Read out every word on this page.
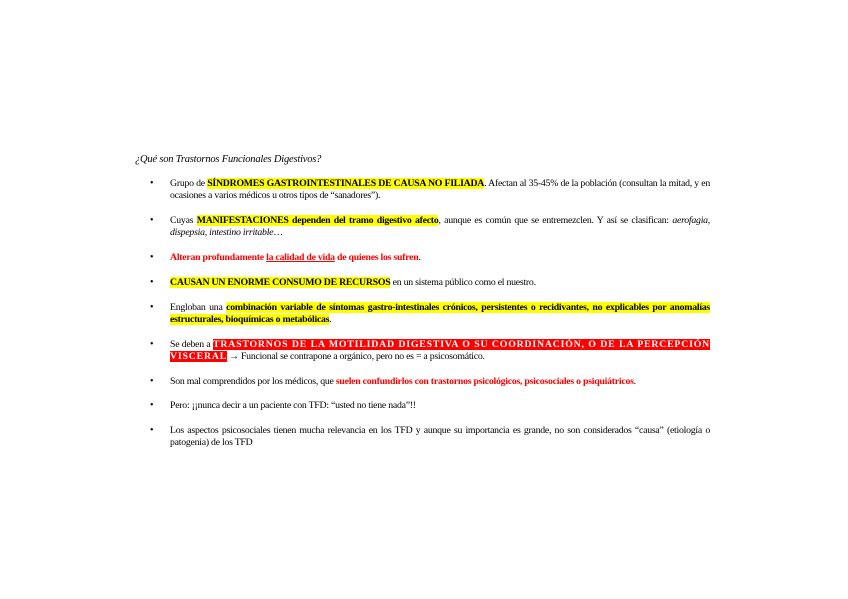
¿Qué son Trastornos Funcionales Digestivos?
• Grupo de SÍNDROMES GASTROINTESTINALES DE CAUSA NO FILIADA. Afectan al 35-45% de la población (consultan la mitad, y en ocasiones a varios médicos u otros tipos de “sanadores”).
• Cuyas MANIFESTACIONES dependen del tramo digestivo afecto, aunque es común que se entremezclen. Y así se clasifican: aerofagia, dispepsia, intestino irritable…
• Alteran profundamente la calidad de vida de quienes los sufren.
• CAUSAN UN ENORME CONSUMO DE RECURSOS en un sistema público como el nuestro.
• Engloban una combinación variable de síntomas gastro-intestinales crónicos, persistentes o recidivantes, no explicables por anomalías estructurales, bioquímicas o metabólicas.
• Se deben a TRASTORNOS DE LA MOTILIDAD DIGESTIVA O SU COORDINACIÓN, O DE LA PERCEPCIÓN VISCERAL → Funcional se contrapone a orgánico, pero no es = a psicosomático.
• Son mal comprendidos por los médicos, que suelen confundirlos con trastornos psicológicos, psicosociales o psiquiátricos.
• Pero: ¡¡nunca decir a un paciente con TFD: “usted no tiene nada”!!
• Los aspectos psicosociales tienen mucha relevancia en los TFD y aunque su importancia es grande, no son considerados “causa” (etiología o patogenia) de los TFD
